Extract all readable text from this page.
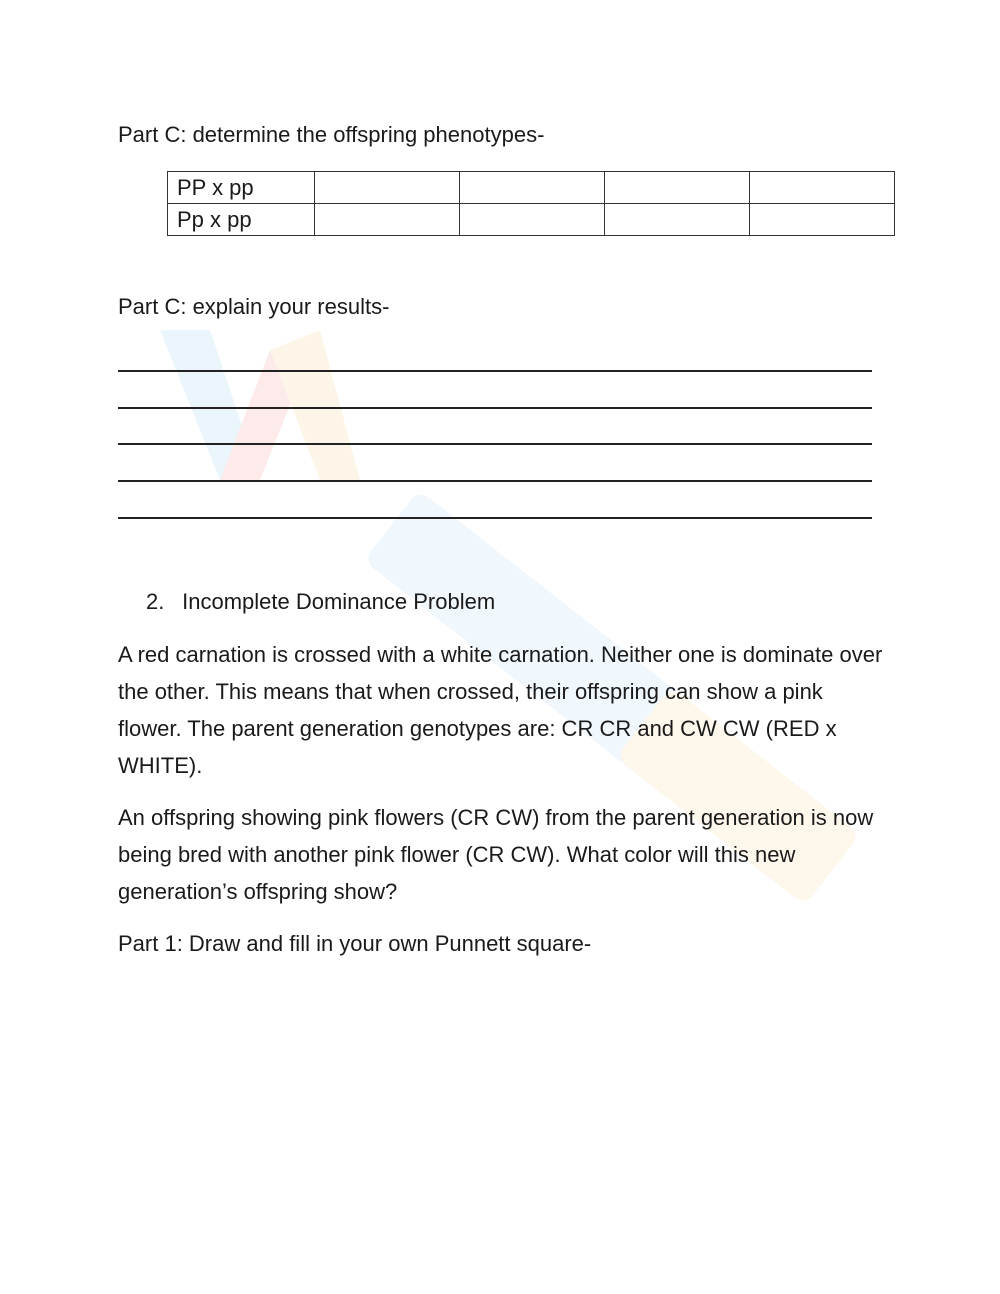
Part C: determine the offspring phenotypes-

PP x pp				
Pp x pp				

Part C: explain your results-

2. Incomplete Dominance Problem

A red carnation is crossed with a white carnation. Neither one is dominate over the other. This means that when crossed, their offspring can show a pink flower. The parent generation genotypes are: CR CR and CW CW (RED x WHITE).

An offspring showing pink flowers (CR CW) from the parent generation is now being bred with another pink flower (CR CW). What color will this new generation’s offspring show?

Part 1: Draw and fill in your own Punnett square-
